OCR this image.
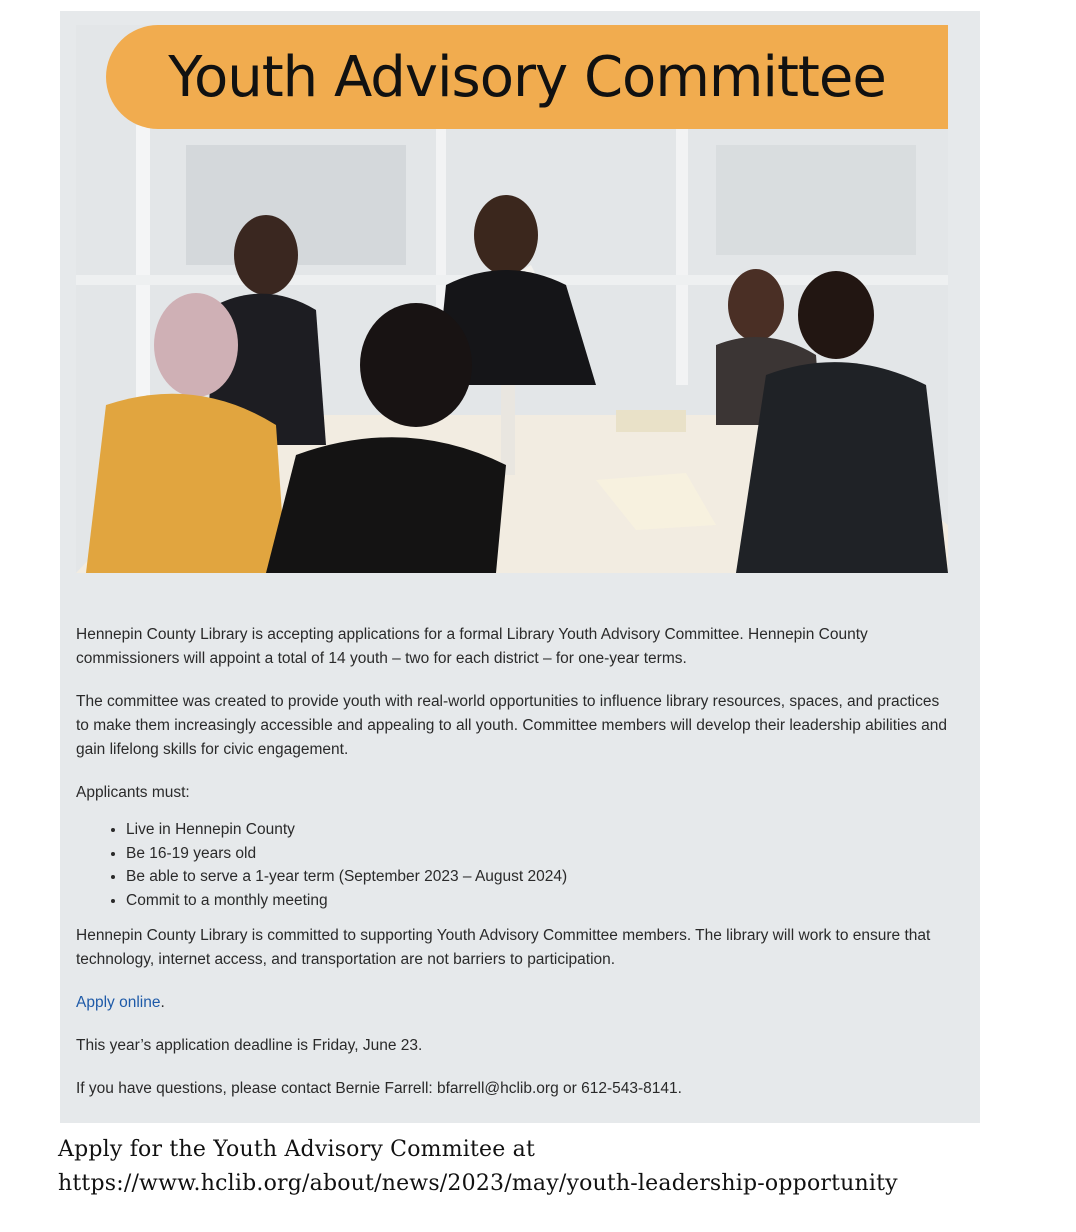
Youth Advisory Committee

Hennepin County Library is accepting applications for a formal Library Youth Advisory Committee. Hennepin County commissioners will appoint a total of 14 youth – two for each district – for one-year terms.

The committee was created to provide youth with real-world opportunities to influence library resources, spaces, and practices to make them increasingly accessible and appealing to all youth. Committee members will develop their leadership abilities and gain lifelong skills for civic engagement.

Applicants must:

• Live in Hennepin County
• Be 16-19 years old
• Be able to serve a 1-year term (September 2023 – August 2024)
• Commit to a monthly meeting

Hennepin County Library is committed to supporting Youth Advisory Committee members. The library will work to ensure that technology, internet access, and transportation are not barriers to participation.

Apply online.

This year’s application deadline is Friday, June 23.

If you have questions, please contact Bernie Farrell: bfarrell@hclib.org or 612-543-8141.

Apply for the Youth Advisory Commitee at
https://www.hclib.org/about/news/2023/may/youth-leadership-opportunity
